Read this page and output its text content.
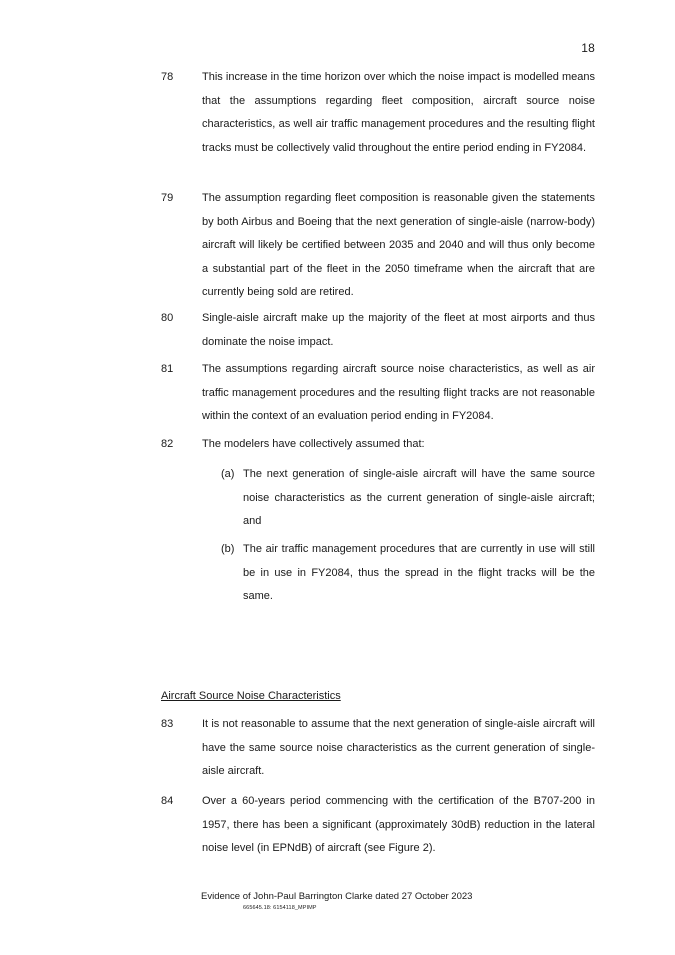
18
78	This increase in the time horizon over which the noise impact is modelled means that the assumptions regarding fleet composition, aircraft source noise characteristics, as well air traffic management procedures and the resulting flight tracks must be collectively valid throughout the entire period ending in FY2084.
79	The assumption regarding fleet composition is reasonable given the statements by both Airbus and Boeing that the next generation of single-aisle (narrow-body) aircraft will likely be certified between 2035 and 2040 and will thus only become a substantial part of the fleet in the 2050 timeframe when the aircraft that are currently being sold are retired.
80	Single-aisle aircraft make up the majority of the fleet at most airports and thus dominate the noise impact.
81	The assumptions regarding aircraft source noise characteristics, as well as air traffic management procedures and the resulting flight tracks are not reasonable within the context of an evaluation period ending in FY2084.
82	The modelers have collectively assumed that:
(a) The next generation of single-aisle aircraft will have the same source noise characteristics as the current generation of single-aisle aircraft; and
(b) The air traffic management procedures that are currently in use will still be in use in FY2084, thus the spread in the flight tracks will be the same.
Aircraft Source Noise Characteristics
83	It is not reasonable to assume that the next generation of single-aisle aircraft will have the same source noise characteristics as the current generation of single-aisle aircraft.
84	Over a 60-years period commencing with the certification of the B707-200 in 1957, there has been a significant (approximately 30dB) reduction in the lateral noise level (in EPNdB) of aircraft (see Figure 2).
Evidence of John-Paul Barrington Clarke dated 27 October 2023
665645.18: 6154118_MPIMP
